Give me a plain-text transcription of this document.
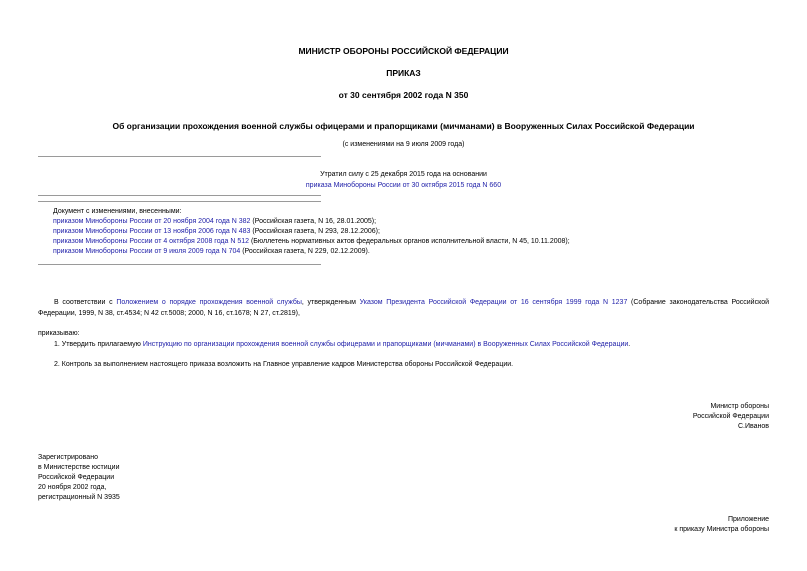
МИНИСТР ОБОРОНЫ РОССИЙСКОЙ ФЕДЕРАЦИИ
ПРИКАЗ
от 30 сентября 2002 года N 350
Об организации прохождения военной службы офицерами и прапорщиками (мичманами) в Вооруженных Силах Российской Федерации
(с изменениями на 9 июля 2009 года)
Утратил силу с 25 декабря 2015 года на основании
приказа Минобороны России от 30 октября 2015 года N 660
Документ с изменениями, внесенными:
приказом Минобороны России от 20 ноября 2004 года N 382 (Российская газета, N 16, 28.01.2005);
приказом Минобороны России от 13 ноября 2006 года N 483 (Российская газета, N 293, 28.12.2006);
приказом Минобороны России от 4 октября 2008 года N 512 (Бюллетень нормативных актов федеральных органов исполнительной власти, N 45, 10.11.2008);
приказом Минобороны России от 9 июля 2009 года N 704 (Российская газета, N 229, 02.12.2009).
В соответствии с Положением о порядке прохождения военной службы, утвержденным Указом Президента Российской Федерации от 16 сентября 1999 года N 1237 (Собрание законодательства Российской Федерации, 1999, N 38, ст.4534; N 42 ст.5008; 2000, N 16, ст.1678; N 27, ст.2819),
приказываю:
1. Утвердить прилагаемую Инструкцию по организации прохождения военной службы офицерами и прапорщиками (мичманами) в Вооруженных Силах Российской Федерации.
2. Контроль за выполнением настоящего приказа возложить на Главное управление кадров Министерства обороны Российской Федерации.
Министр обороны
Российской Федерации
С.Иванов
Зарегистрировано
в Министерстве юстиции
Российской Федерации
20 ноября 2002 года,
регистрационный N 3935
Приложение
к приказу Министра обороны
